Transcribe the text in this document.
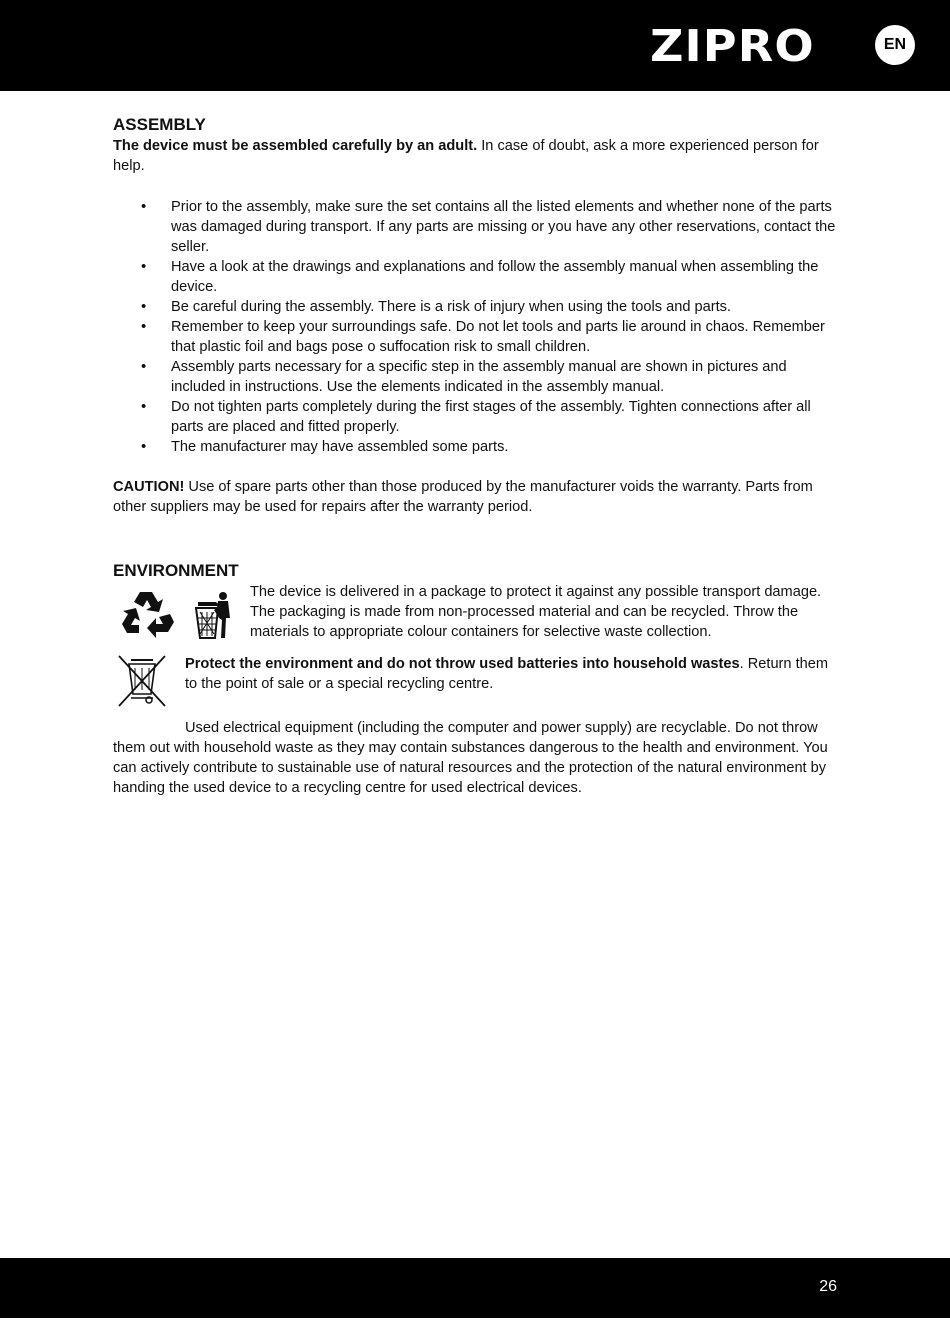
ZIPRO	EN
ASSEMBLY

The device must be assembled carefully by an adult. In case of doubt, ask a more experienced person for help.

• Prior to the assembly, make sure the set contains all the listed elements and whether none of the parts was damaged during transport. If any parts are missing or you have any other reservations, contact the seller.
• Have a look at the drawings and explanations and follow the assembly manual when assembling the device.
• Be careful during the assembly. There is a risk of injury when using the tools and parts.
• Remember to keep your surroundings safe. Do not let tools and parts lie around in chaos. Remember that plastic foil and bags pose o suffocation risk to small children.
• Assembly parts necessary for a specific step in the assembly manual are shown in pictures and included in instructions. Use the elements indicated in the assembly manual.
• Do not tighten parts completely during the first stages of the assembly. Tighten connections after all parts are placed and fitted properly.
• The manufacturer may have assembled some parts.

CAUTION! Use of spare parts other than those produced by the manufacturer voids the warranty. Parts from other suppliers may be used for repairs after the warranty period.

ENVIRONMENT

The device is delivered in a package to protect it against any possible transport damage. The packaging is made from non-processed material and can be recycled. Throw the materials to appropriate colour containers for selective waste collection.

Protect the environment and do not throw used batteries into household wastes. Return them to the point of sale or a special recycling centre.

Used electrical equipment (including the computer and power supply) are recyclable. Do not throw them out with household waste as they may contain substances dangerous to the health and environment. You can actively contribute to sustainable use of natural resources and the protection of the natural environment by handing the used device to a recycling centre for used electrical devices.

26
